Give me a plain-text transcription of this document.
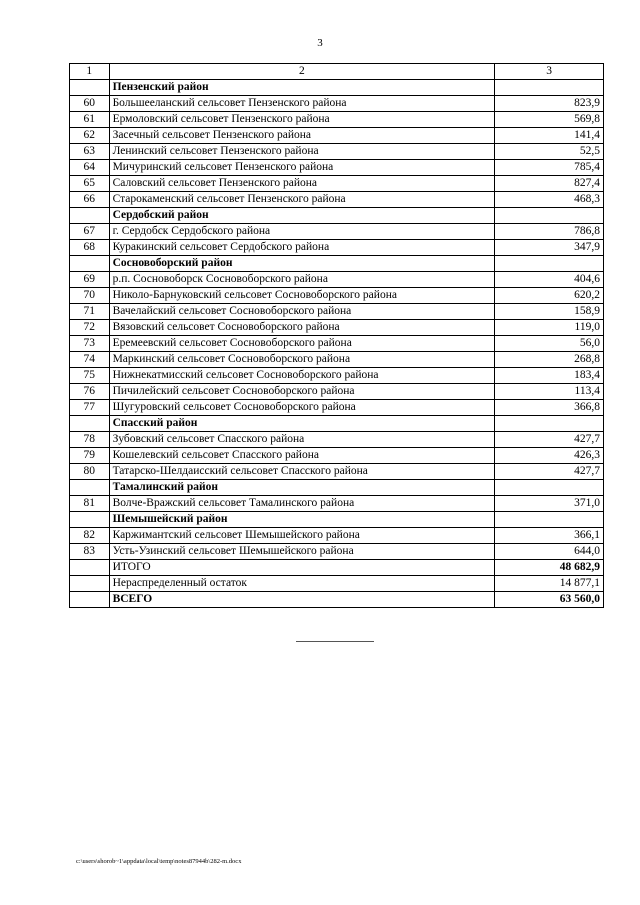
3
1	2	3
	Пензенский район	
60	Большееланский сельсовет Пензенского района	823,9
61	Ермоловский сельсовет Пензенского района	569,8
62	Засечный сельсовет Пензенского района	141,4
63	Ленинский сельсовет Пензенского района	52,5
64	Мичуринский сельсовет Пензенского района	785,4
65	Саловский сельсовет Пензенского района	827,4
66	Старокаменский сельсовет Пензенского района	468,3
	Сердобский район	
67	г. Сердобск Сердобского района	786,8
68	Куракинский сельсовет Сердобского района	347,9
	Сосновоборский район	
69	р.п. Сосновоборск Сосновоборского района	404,6
70	Николо-Барнуковский сельсовет Сосновоборского района	620,2
71	Вачелайский сельсовет Сосновоборского района	158,9
72	Вязовский сельсовет Сосновоборского района	119,0
73	Еремеевский сельсовет Сосновоборского района	56,0
74	Маркинский сельсовет Сосновоборского района	268,8
75	Нижнекатмисский сельсовет Сосновоборского района	183,4
76	Пичилейский сельсовет Сосновоборского района	113,4
77	Шугуровский сельсовет Сосновоборского района	366,8
	Спасский район	
78	Зубовский сельсовет Спасского района	427,7
79	Кошелевский сельсовет Спасского района	426,3
80	Татарско-Шелдаисский сельсовет Спасского района	427,7
	Тамалинский район	
81	Волче-Вражский сельсовет Тамалинского района	371,0
	Шемышейский район	
82	Каржимантский сельсовет Шемышейского района	366,1
83	Усть-Узинский сельсовет Шемышейского района	644,0
	ИТОГО	48 682,9
	Нераспределенный остаток	14 877,1
	ВСЕГО	63 560,0
c:\users\shorob~1\appdata\local\temp\notes87944b\282-m.docx
